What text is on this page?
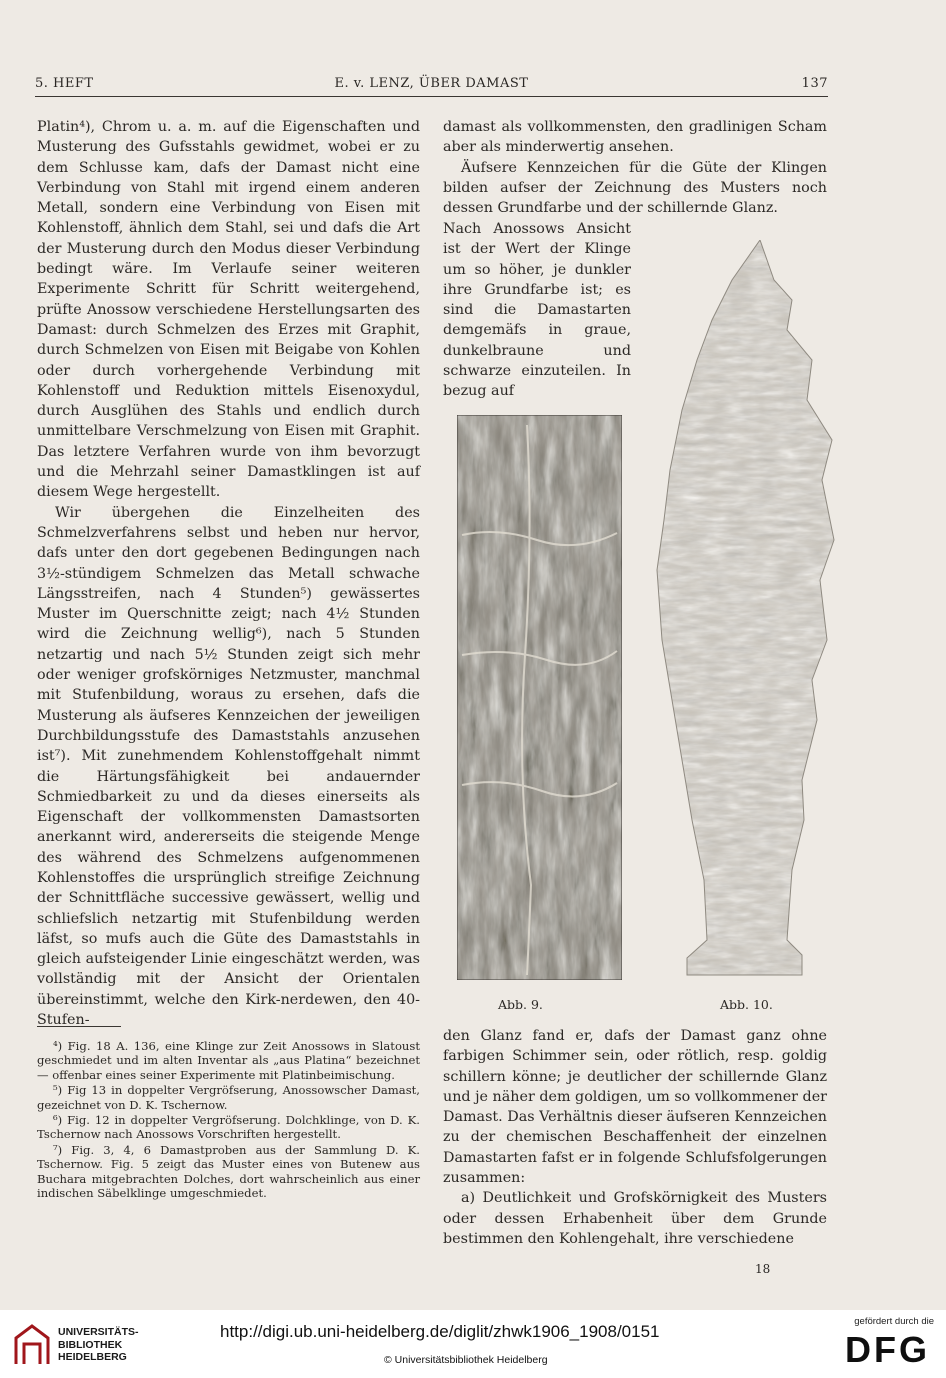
5. HEFT	E. v. LENZ, ÜBER DAMAST	137

Platin⁴), Chrom u. a. m. auf die Eigenschaften und Musterung des Gufsstahls gewidmet, wobei er zu dem Schlusse kam, dafs der Damast nicht eine Verbindung von Stahl mit irgend einem anderen Metall, sondern eine Verbindung von Eisen mit Kohlenstoff, ähnlich dem Stahl, sei und dafs die Art der Musterung durch den Modus dieser Verbindung bedingt wäre. Im Verlaufe seiner weiteren Experimente Schritt für Schritt weitergehend, prüfte Anossow verschiedene Herstellungsarten des Damast: durch Schmelzen des Erzes mit Graphit, durch Schmelzen von Eisen mit Beigabe von Kohlen oder durch vorhergehende Verbindung mit Kohlenstoff und Reduktion mittels Eisenoxydul, durch Ausglühen des Stahls und endlich durch unmittelbare Verschmelzung von Eisen mit Graphit. Das letztere Verfahren wurde von ihm bevorzugt und die Mehrzahl seiner Damastklingen ist auf diesem Wege hergestellt.

Wir übergehen die Einzelheiten des Schmelzverfahrens selbst und heben nur hervor, dafs unter den dort gegebenen Bedingungen nach 3½-stündigem Schmelzen das Metall schwache Längsstreifen, nach 4 Stunden⁵) gewässertes Muster im Querschnitte zeigt; nach 4½ Stunden wird die Zeichnung wellig⁶), nach 5 Stunden netzartig und nach 5½ Stunden zeigt sich mehr oder weniger grofskörniges Netzmuster, manchmal mit Stufenbildung, woraus zu ersehen, dafs die Musterung als äufseres Kennzeichen der jeweiligen Durchbildungsstufe des Damaststahls anzusehen ist⁷). Mit zunehmendem Kohlenstoffgehalt nimmt die Härtungsfähigkeit bei andauernder Schmiedbarkeit zu und da dieses einerseits als Eigenschaft der vollkommensten Damastsorten anerkannt wird, andererseits die steigende Menge des während des Schmelzens aufgenommenen Kohlenstoffes die ursprünglich streifige Zeichnung der Schnittfläche successive gewässert, wellig und schliefslich netzartig mit Stufenbildung werden läfst, so mufs auch die Güte des Damaststahls in gleich aufsteigender Linie eingeschätzt werden, was vollständig mit der Ansicht der Orientalen übereinstimmt, welche den Kirk-nerdewen, den 40-Stufen-

damast als vollkommensten, den gradlinigen Scham aber als minderwertig ansehen.

Äufsere Kennzeichen für die Güte der Klingen bilden aufser der Zeichnung des Musters noch dessen Grundfarbe und der schillernde Glanz.

Nach Anossows Ansicht ist der Wert der Klinge um so höher, je dunkler ihre Grundfarbe ist; es sind die Damastarten demgemäfs in graue, dunkelbraune und schwarze einzuteilen. In bezug auf

Abb. 9.	Abb. 10.

⁴) Fig. 18 A. 136, eine Klinge zur Zeit Anossows in Slatoust geschmiedet und im alten Inventar als „aus Platina“ bezeichnet — offenbar eines seiner Experimente mit Platinbeimischung.

⁵) Fig 13 in doppelter Vergröfserung, Anossowscher Damast, gezeichnet von D. K. Tschernow.

⁶) Fig. 12 in doppelter Vergröfserung. Dolchklinge, von D. K. Tschernow nach Anossows Vorschriften hergestellt.

⁷) Fig. 3, 4, 6 Damastproben aus der Sammlung D. K. Tschernow. Fig. 5 zeigt das Muster eines von Butenew aus Buchara mitgebrachten Dolches, dort wahrscheinlich aus einer indischen Säbelklinge umgeschmiedet.

den Glanz fand er, dafs der Damast ganz ohne farbigen Schimmer sein, oder rötlich, resp. goldig schillern könne; je deutlicher der schillernde Glanz und je näher dem goldigen, um so vollkommener der Damast. Das Verhältnis dieser äufseren Kennzeichen zu der chemischen Beschaffenheit der einzelnen Damastarten fafst er in folgende Schlufsfolgerungen zusammen:

a) Deutlichkeit und Grofskörnigkeit des Musters oder dessen Erhabenheit über dem Grunde bestimmen den Kohlengehalt, ihre verschiedene

18
UNIVERSITÄTS-
BIBLIOTHEK
HEIDELBERG
http://digi.ub.uni-heidelberg.de/diglit/zhwk1906_1908/0151
© Universitätsbibliothek Heidelberg
gefördert durch die
DFG
